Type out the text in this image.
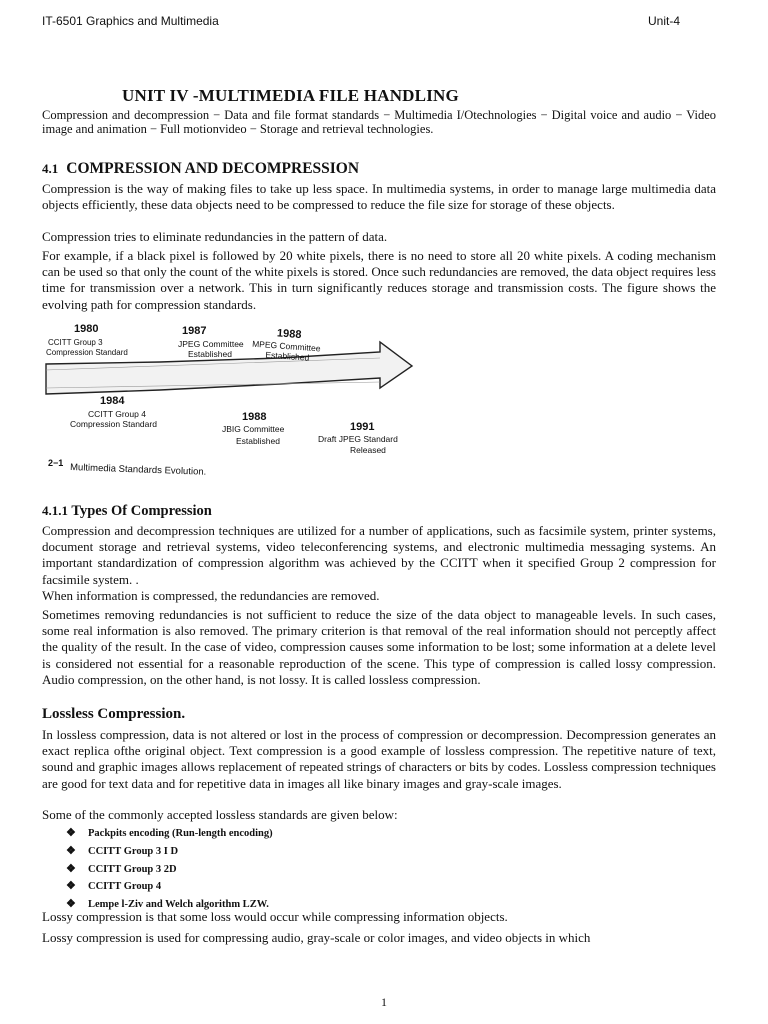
IT-6501 Graphics and Multimedia	Unit-4
UNIT IV -MULTIMEDIA FILE HANDLING
Compression and decompression − Data and file format standards − Multimedia I/Otechnologies − Digital voice and audio − Video image and animation − Full motionvideo − Storage and retrieval technologies.
4.1 COMPRESSION AND DECOMPRESSION
Compression is the way of making files to take up less space. In multimedia systems, in order to manage large multimedia data objects efficiently, these data objects need to be compressed to reduce the file size for storage of these objects.
Compression tries to eliminate redundancies in the pattern of data.
For example, if a black pixel is followed by 20 white pixels, there is no need to store all 20 white pixels. A coding mechanism can be used so that only the count of the white pixels is stored. Once such redundancies are removed, the data object requires less time for transmission over a network. This in turn significantly reduces storage and transmission costs. The figure shows the evolving path for compression standards.
1980
CCITT Group 3
Compression Standard
1987
JPEG Committee
Established
1988
MPEG Committee
Established
1984
CCITT Group 4
Compression Standard
1988
JBIG Committee
Established
1991
Draft JPEG Standard
Released
2−1 Multimedia Standards Evolution.
4.1.1 Types Of Compression
Compression and decompression techniques are utilized for a number of applications, such as facsimile system, printer systems, document storage and retrieval systems, video teleconferencing systems, and electronic multimedia messaging systems. An important standardization of compression algorithm was achieved by the CCITT when it specified Group 2 compression for facsimile system. .
When information is compressed, the redundancies are removed.
Sometimes removing redundancies is not sufficient to reduce the size of the data object to manageable levels. In such cases, some real information is also removed. The primary criterion is that removal of the real information should not perceptly affect the quality of the result. In the case of video, compression causes some information to be lost; some information at a delete level is considered not essential for a reasonable reproduction of the scene. This type of compression is called lossy compression. Audio compression, on the other hand, is not lossy. It is called lossless compression.
Lossless Compression.
In lossless compression, data is not altered or lost in the process of compression or decompression. Decompression generates an exact replica ofthe original object. Text compression is a good example of lossless compression. The repetitive nature of text, sound and graphic images allows replacement of repeated strings of characters or bits by codes. Lossless compression techniques are good for text data and for repetitive data in images all like binary images and gray-scale images.
Some of the commonly accepted lossless standards are given below:
❖	Packpits encoding (Run-length encoding)
❖	CCITT Group 3 I D
❖	CCITT Group 3 2D
❖	CCITT Group 4
❖	Lempe l-Ziv and Welch algorithm LZW.
Lossy compression is that some loss would occur while compressing information objects.
Lossy compression is used for compressing audio, gray-scale or color images, and video objects in which
1
